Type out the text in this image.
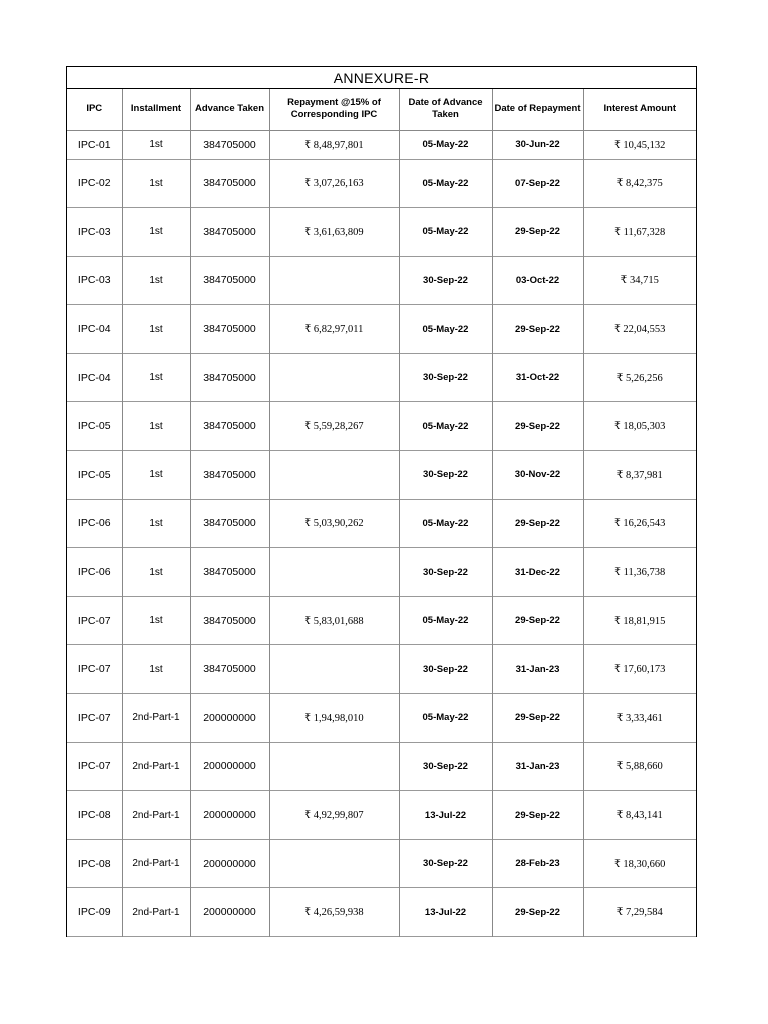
ANNEXURE-R
IPC	Installment	Advance Taken	Repayment @15% of Corresponding IPC	Date of Advance Taken	Date of Repayment	Interest Amount
IPC-01	1st	384705000	₹ 8,48,97,801	05-May-22	30-Jun-22	₹ 10,45,132
IPC-02	1st	384705000	₹ 3,07,26,163	05-May-22	07-Sep-22	₹ 8,42,375
IPC-03	1st	384705000	₹ 3,61,63,809	05-May-22	29-Sep-22	₹ 11,67,328
IPC-03	1st	384705000		30-Sep-22	03-Oct-22	₹ 34,715
IPC-04	1st	384705000	₹ 6,82,97,011	05-May-22	29-Sep-22	₹ 22,04,553
IPC-04	1st	384705000		30-Sep-22	31-Oct-22	₹ 5,26,256
IPC-05	1st	384705000	₹ 5,59,28,267	05-May-22	29-Sep-22	₹ 18,05,303
IPC-05	1st	384705000		30-Sep-22	30-Nov-22	₹ 8,37,981
IPC-06	1st	384705000	₹ 5,03,90,262	05-May-22	29-Sep-22	₹ 16,26,543
IPC-06	1st	384705000		30-Sep-22	31-Dec-22	₹ 11,36,738
IPC-07	1st	384705000	₹ 5,83,01,688	05-May-22	29-Sep-22	₹ 18,81,915
IPC-07	1st	384705000		30-Sep-22	31-Jan-23	₹ 17,60,173
IPC-07	2nd-Part-1	200000000	₹ 1,94,98,010	05-May-22	29-Sep-22	₹ 3,33,461
IPC-07	2nd-Part-1	200000000		30-Sep-22	31-Jan-23	₹ 5,88,660
IPC-08	2nd-Part-1	200000000	₹ 4,92,99,807	13-Jul-22	29-Sep-22	₹ 8,43,141
IPC-08	2nd-Part-1	200000000		30-Sep-22	28-Feb-23	₹ 18,30,660
IPC-09	2nd-Part-1	200000000	₹ 4,26,59,938	13-Jul-22	29-Sep-22	₹ 7,29,584
